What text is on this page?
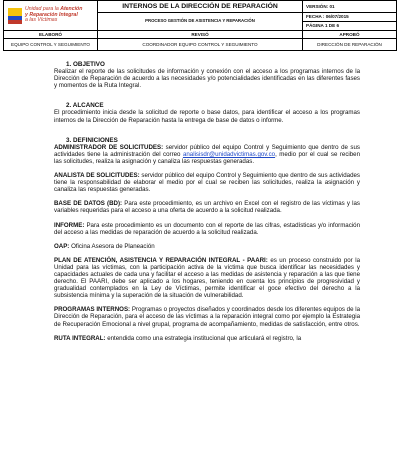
Unidad para la Atención
y Reparación Integral
a las Víctimas	INTERNOS DE LA DIRECCIÓN DE REPARACIÓN	VERSIÓN: 01
	PROCESO GESTIÓN DE ASISTENCIA Y REPARACIÓN	FECHA : 06/07/2015
		PÁGINA 1 DE 6
ELABORÓ	REVISÓ	APROBÓ
EQUIPO CONTROL Y SEGUIMIENTO	COORDINADOR EQUIPO CONTROL Y SEGUIMIENTO	DIRECCIÓN DE REPARACIÓN
1. OBJETIVO
Realizar el reporte de las solicitudes de información y conexión con el acceso a los programas internos de la Dirección de Reparación de acuerdo a las necesidades y/o potencialidades identificadas en las diferentes fases y momentos de la Ruta Integral.
2. ALCANCE
El procedimiento inicia desde la solicitud de reporte o base datos, para identificar el acceso a los programas internos de la Dirección de Reparación hasta la entrega de base de datos o informe.
3. DEFINICIONES
ADMINISTRADOR DE SOLICITUDES: servidor público del equipo Control y Seguimiento que dentro de sus actividades tiene la administración del correo analisisdr@unidadvictimas.gov.co, medio por el cual se reciben las solicitudes, realiza la asignación y canaliza las respuestas generadas.
ANALISTA DE SOLICITUDES: servidor público del equipo Control y Seguimiento que dentro de sus actividades tiene la responsabilidad de elaborar el medio por el cual se reciben las solicitudes, realiza la asignación y canaliza las respuestas generadas.
BASE DE DATOS (BD): Para este procedimiento, es un archivo en Excel con el registro de las víctimas y las variables requeridas para el acceso a una oferta de acuerdo a la solicitud realizada.
INFORME: Para este procedimiento es un documento con el reporte de las cifras, estadísticas y/o información del acceso a las medidas de reparación de acuerdo a la solicitud realizada.
OAP: Oficina Asesora de Planeación
PLAN DE ATENCIÓN, ASISTENCIA Y REPARACIÓN INTEGRAL - PAARI: es un proceso construido por la Unidad para las víctimas, con la participación activa de la víctima que busca identificar las necesidades y capacidades actuales de cada una y facilitar el acceso a las medidas de asistencia y reparación a las que tiene derecho. El PAARI, debe ser aplicado a los hogares, teniendo en cuenta los principios de progresividad y gradualidad contemplados en la Ley de Víctimas, permite identificar el goce efectivo del derecho a la subsistencia mínima y la superación de la situación de vulnerabilidad.
PROGRAMAS INTERNOS: Programas o proyectos diseñados y coordinados desde los diferentes equipos de la Dirección de Reparación, para el acceso de las víctimas a la reparación integral como por ejemplo la Estrategia de Recuperación Emocional a nivel grupal, programa de acompañamiento, medidas de satisfacción, entre otros.
RUTA INTEGRAL: entendida como una estrategia institucional que articulará el registro, la
